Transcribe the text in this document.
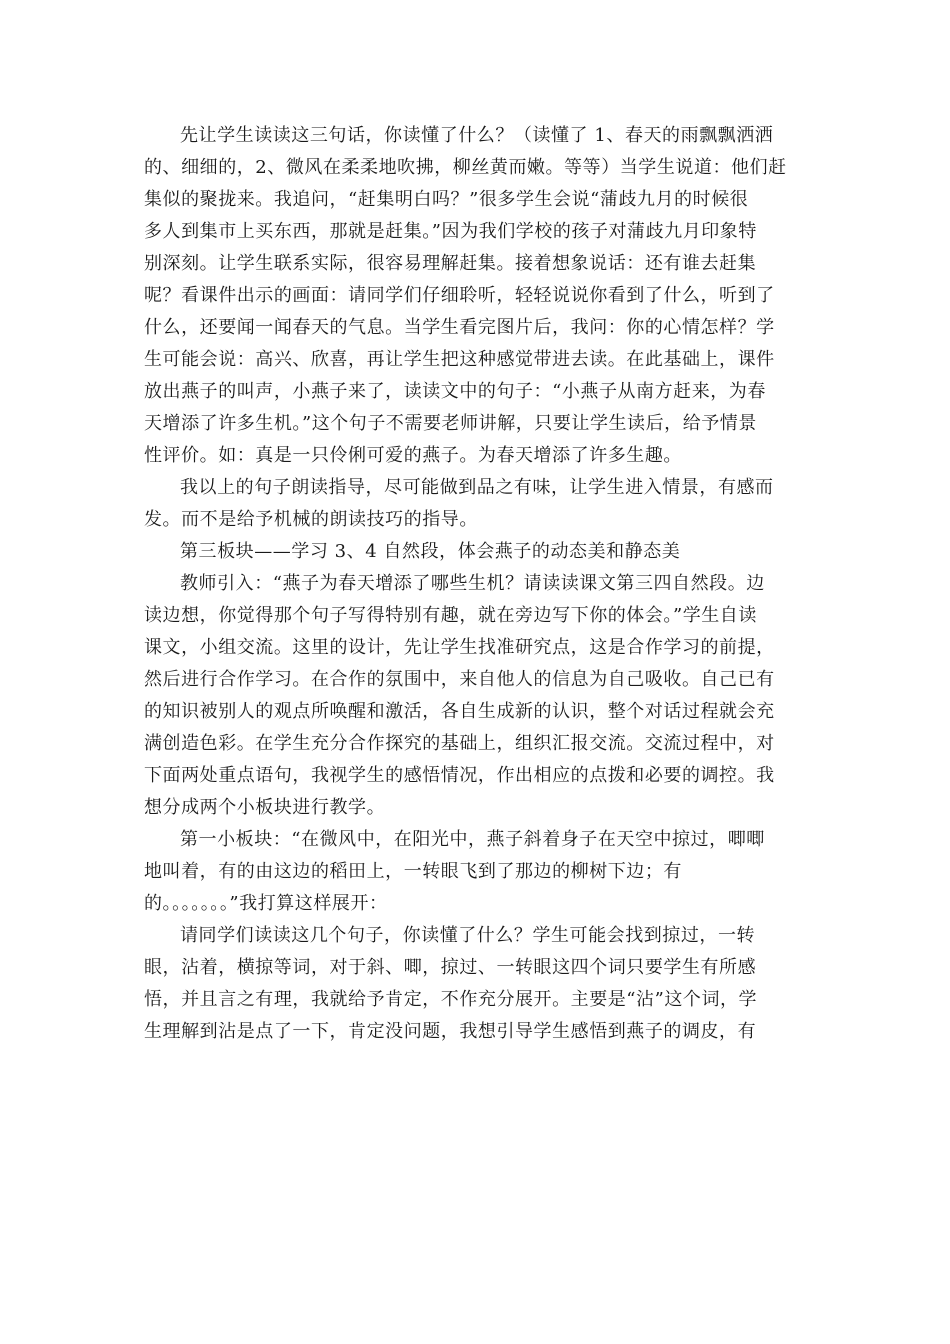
先让学生读读这三句话，你读懂了什么？（读懂了 1、春天的雨飘飘洒洒
的、细细的，2、微风在柔柔地吹拂，柳丝黄而嫩。等等）当学生说道：他们赶
集似的聚拢来。我追问，“赶集明白吗？”很多学生会说“蒲歧九月的时候很
多人到集市上买东西，那就是赶集。”因为我们学校的孩子对蒲歧九月印象特
别深刻。让学生联系实际，很容易理解赶集。接着想象说话：还有谁去赶集
呢？看课件出示的画面：请同学们仔细聆听，轻轻说说你看到了什么，听到了
什么，还要闻一闻春天的气息。当学生看完图片后，我问：你的心情怎样？学
生可能会说：高兴、欣喜，再让学生把这种感觉带进去读。在此基础上，课件
放出燕子的叫声，小燕子来了，读读文中的句子：“小燕子从南方赶来，为春
天增添了许多生机。”这个句子不需要老师讲解，只要让学生读后，给予情景
性评价。如：真是一只伶俐可爱的燕子。为春天增添了许多生趣。
我以上的句子朗读指导，尽可能做到品之有味，让学生进入情景，有感而
发。而不是给予机械的朗读技巧的指导。
第三板块——学习 3、4 自然段，体会燕子的动态美和静态美
教师引入：“燕子为春天增添了哪些生机？请读读课文第三四自然段。边
读边想，你觉得那个句子写得特别有趣，就在旁边写下你的体会。”学生自读
课文，小组交流。这里的设计，先让学生找准研究点，这是合作学习的前提，
然后进行合作学习。在合作的氛围中，来自他人的信息为自己吸收。自己已有
的知识被别人的观点所唤醒和激活，各自生成新的认识，整个对话过程就会充
满创造色彩。在学生充分合作探究的基础上，组织汇报交流。交流过程中，对
下面两处重点语句，我视学生的感悟情况，作出相应的点拨和必要的调控。我
想分成两个小板块进行教学。
第一小板块：“在微风中，在阳光中，燕子斜着身子在天空中掠过，唧唧
地叫着，有的由这边的稻田上，一转眼飞到了那边的柳树下边；有
的。。。。。。。”我打算这样展开：
请同学们读读这几个句子，你读懂了什么？学生可能会找到掠过，一转
眼，沾着，横掠等词，对于斜、唧，掠过、一转眼这四个词只要学生有所感
悟，并且言之有理，我就给予肯定，不作充分展开。主要是“沾”这个词，学
生理解到沾是点了一下，肯定没问题，我想引导学生感悟到燕子的调皮，有
